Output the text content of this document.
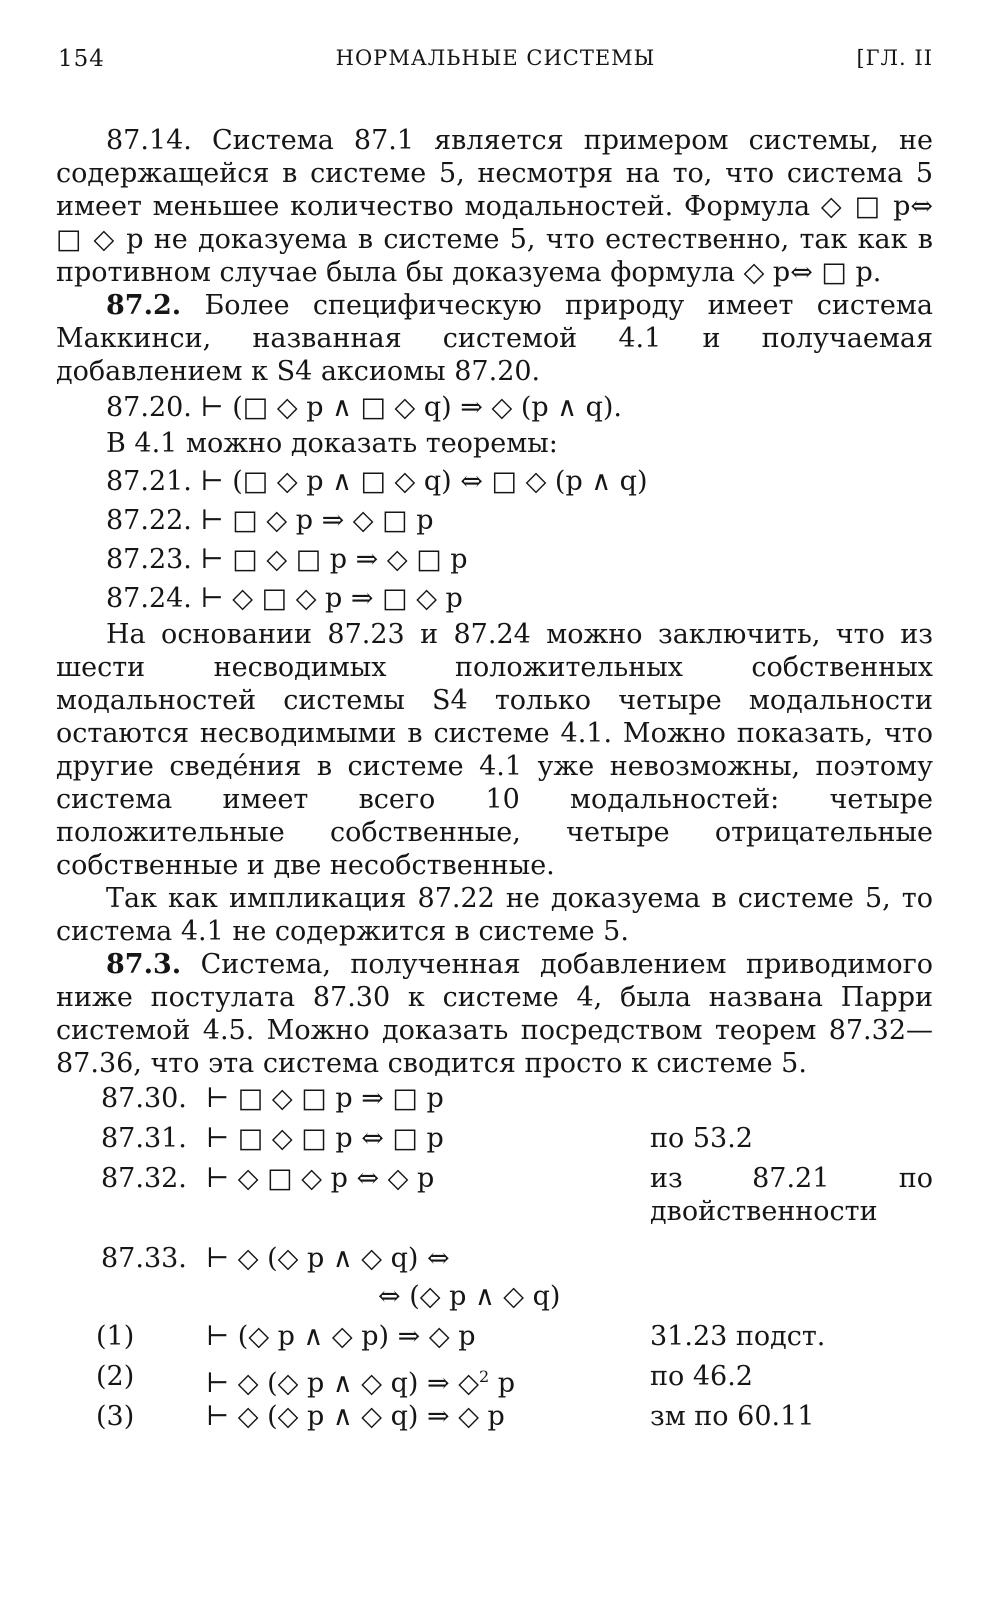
154	НОРМАЛЬНЫЕ СИСТЕМЫ	[ГЛ. II

87.14. Система 87.1 является примером системы, не содержащейся в системе 5, несмотря на то, что система 5 имеет меньшее количество модальностей. Формула ◇ □ p⇔ □ ◇ p не доказуема в системе 5, что естественно, так как в противном случае была бы доказуема формула ◇ p⇔ □ p.

87.2. Более специфическую природу имеет система Маккинси, названная системой 4.1 и получаемая добавлением к S4 аксиомы 87.20.

87.20. ⊢ (□ ◇ p ∧ □ ◇ q) ⇒ ◇ (p ∧ q).

В 4.1 можно доказать теоремы:

87.21. ⊢ (□ ◇ p ∧ □ ◇ q) ⇔ □ ◇ (p ∧ q)
87.22. ⊢ □ ◇ p ⇒ ◇ □ p
87.23. ⊢ □ ◇ □ p ⇒ ◇ □ p
87.24. ⊢ ◇ □ ◇ p ⇒ □ ◇ p

На основании 87.23 и 87.24 можно заключить, что из шести несводимых положительных собственных модальностей системы S4 только четыре модальности остаются несводимыми в системе 4.1. Можно показать, что другие сведéния в системе 4.1 уже невозможны, поэтому система имеет всего 10 модальностей: четыре положительные собственные, четыре отрицательные собственные и две несобственные.

Так как импликация 87.22 не доказуема в системе 5, то система 4.1 не содержится в системе 5.

87.3. Система, полученная добавлением приводимого ниже постулата 87.30 к системе 4, была названа Парри системой 4.5. Можно доказать посредством теорем 87.32—87.36, что эта система сводится просто к системе 5.

87.30. ⊢ □ ◇ □ p ⇒ □ p
87.31. ⊢ □ ◇ □ p ⇔ □ p	по 53.2
87.32. ⊢ ◇ □ ◇ p ⇔ ◇ p	из 87.21 по двойственности
87.33. ⊢ ◇ (◇ p ∧ ◇ q) ⇔
⇔ (◇ p ∧ ◇ q)
(1)	⊢ (◇ p ∧ ◇ p) ⇒ ◇ p	31.23 подст.
(2)	⊢ ◇ (◇ p ∧ ◇ q) ⇒ ◇$^2$ p	по 46.2
(3)	⊢ ◇ (◇ p ∧ ◇ q) ⇒ ◇ p	зм по 60.11
